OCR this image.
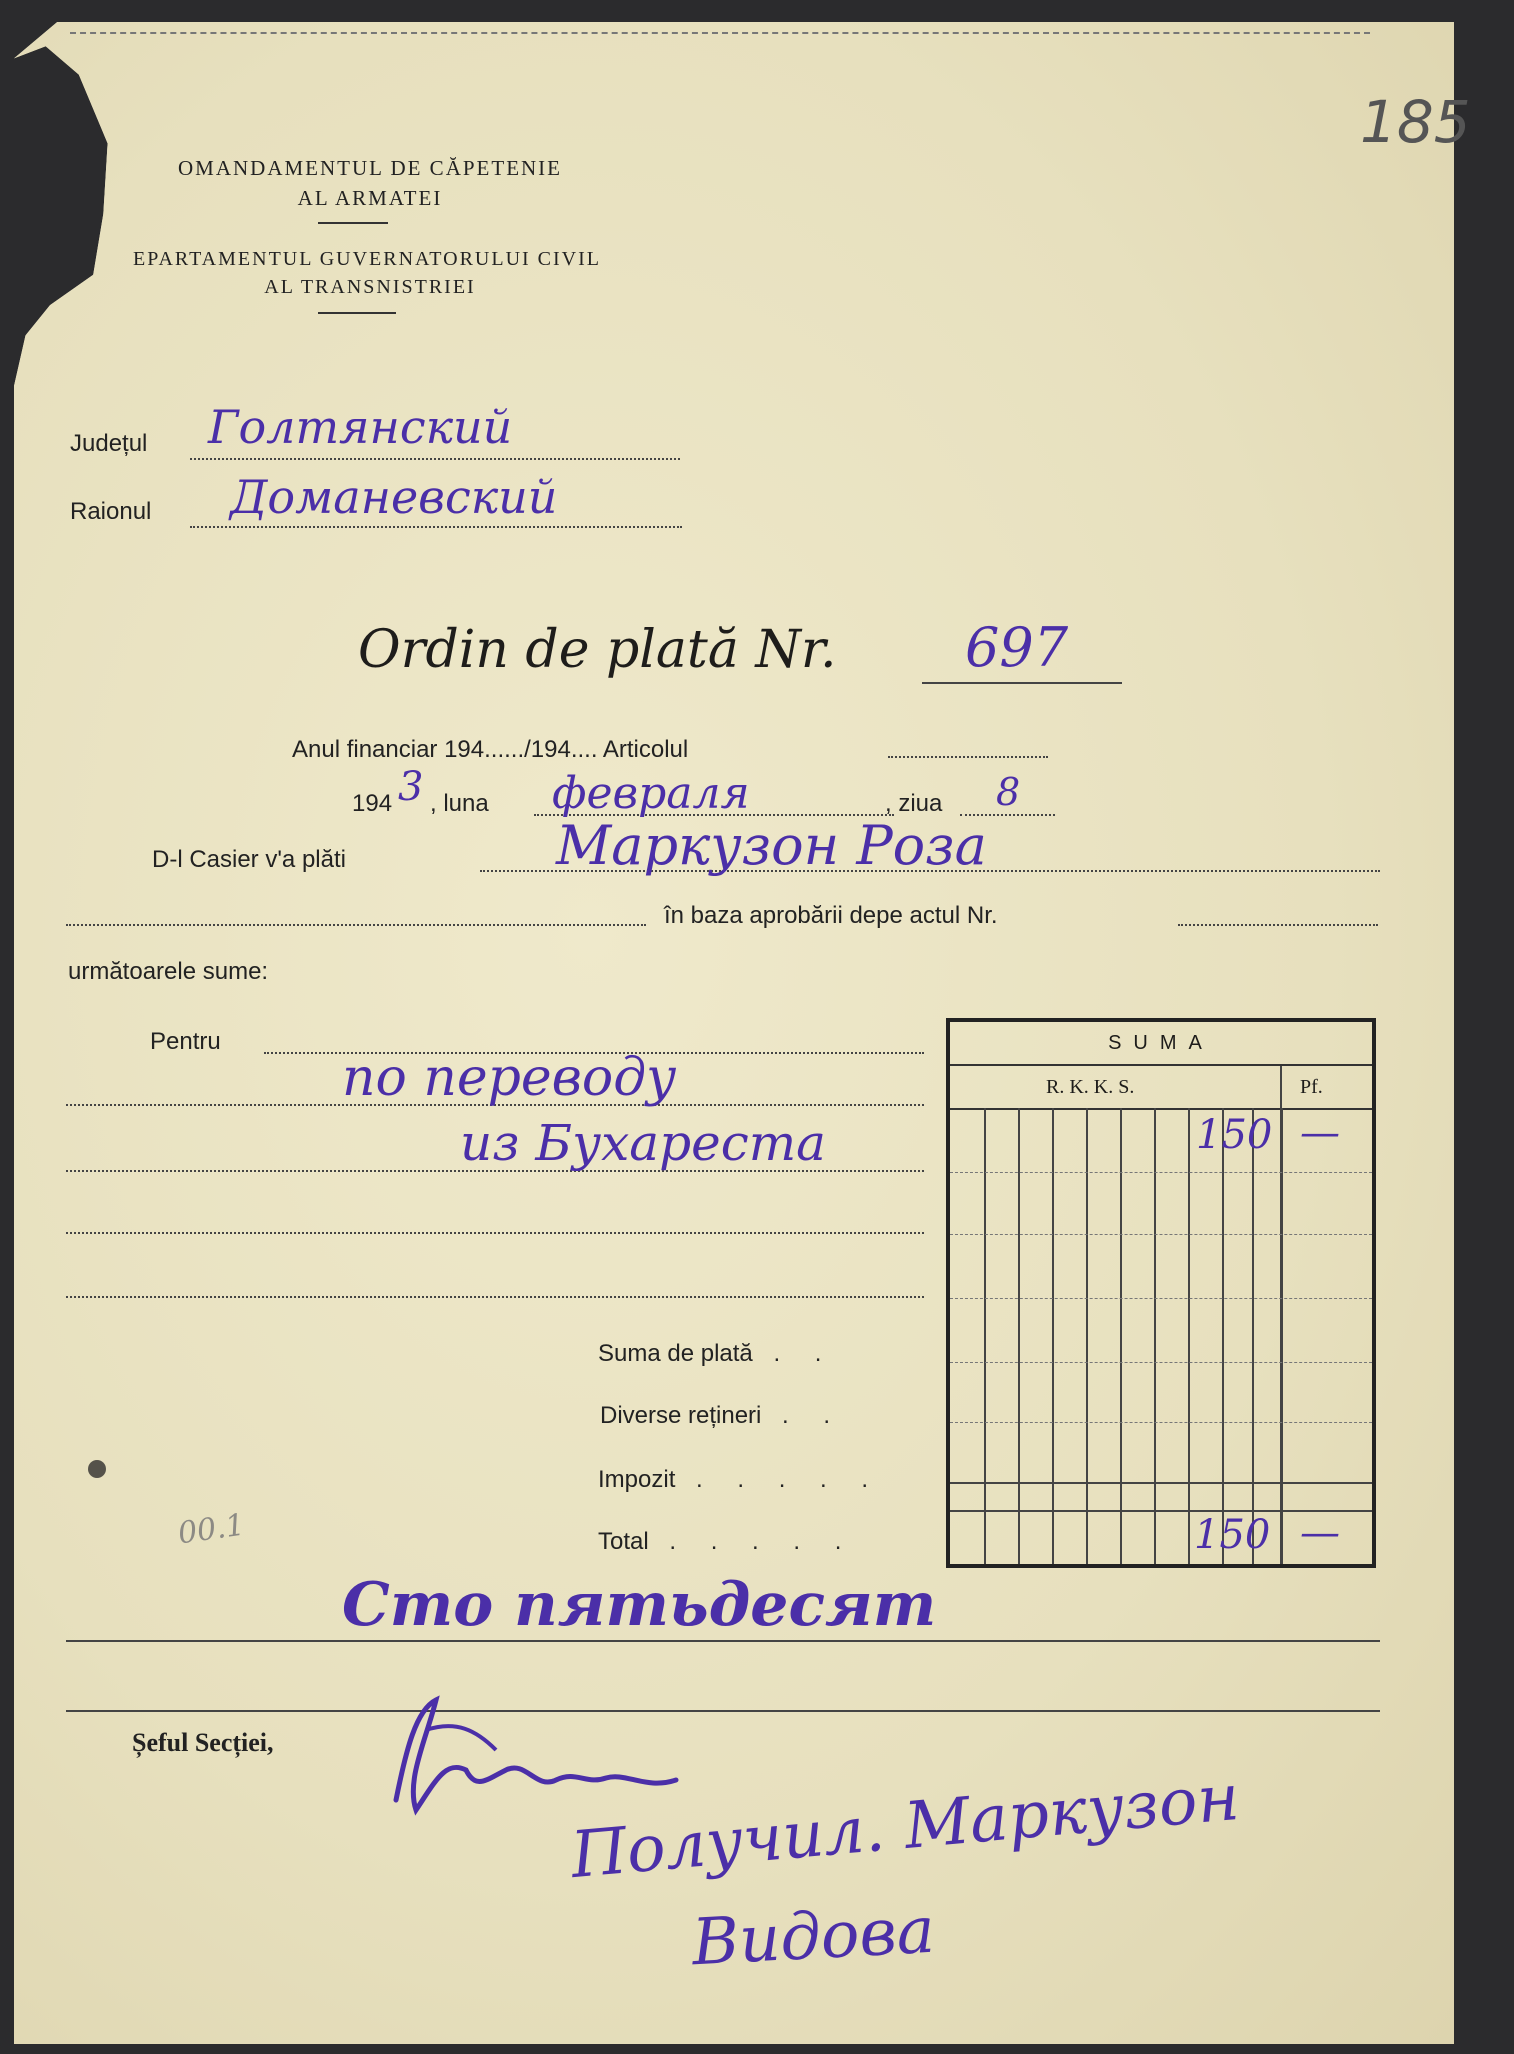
185
OMANDAMENTUL DE CĂPETENIE
AL ARMATEI
EPARTAMENTUL GUVERNATORULUI CIVIL
AL TRANSNISTRIEI
Județul Голтянский
Raionul Доманевский
Ordin de plată Nr. 697
Anul financiar 194....../194.... Articolul
194 3 , luna февраля	, ziua 8
D-l Casier v'a plăti	Маркузон Роза
în baza aprobării depe actul Nr.
următoarele sume:
Pentru
по переводу
из Бухареста
SUMA
R. K. K. S.	Pf.
150 —
150 —
Suma de plată . .
Diverse rețineri . .
Impozit . . . . .
Total . . . . .
00.1
Сто пятьдесят
Șeful Secției,
Получил. Маркузон
Видова
